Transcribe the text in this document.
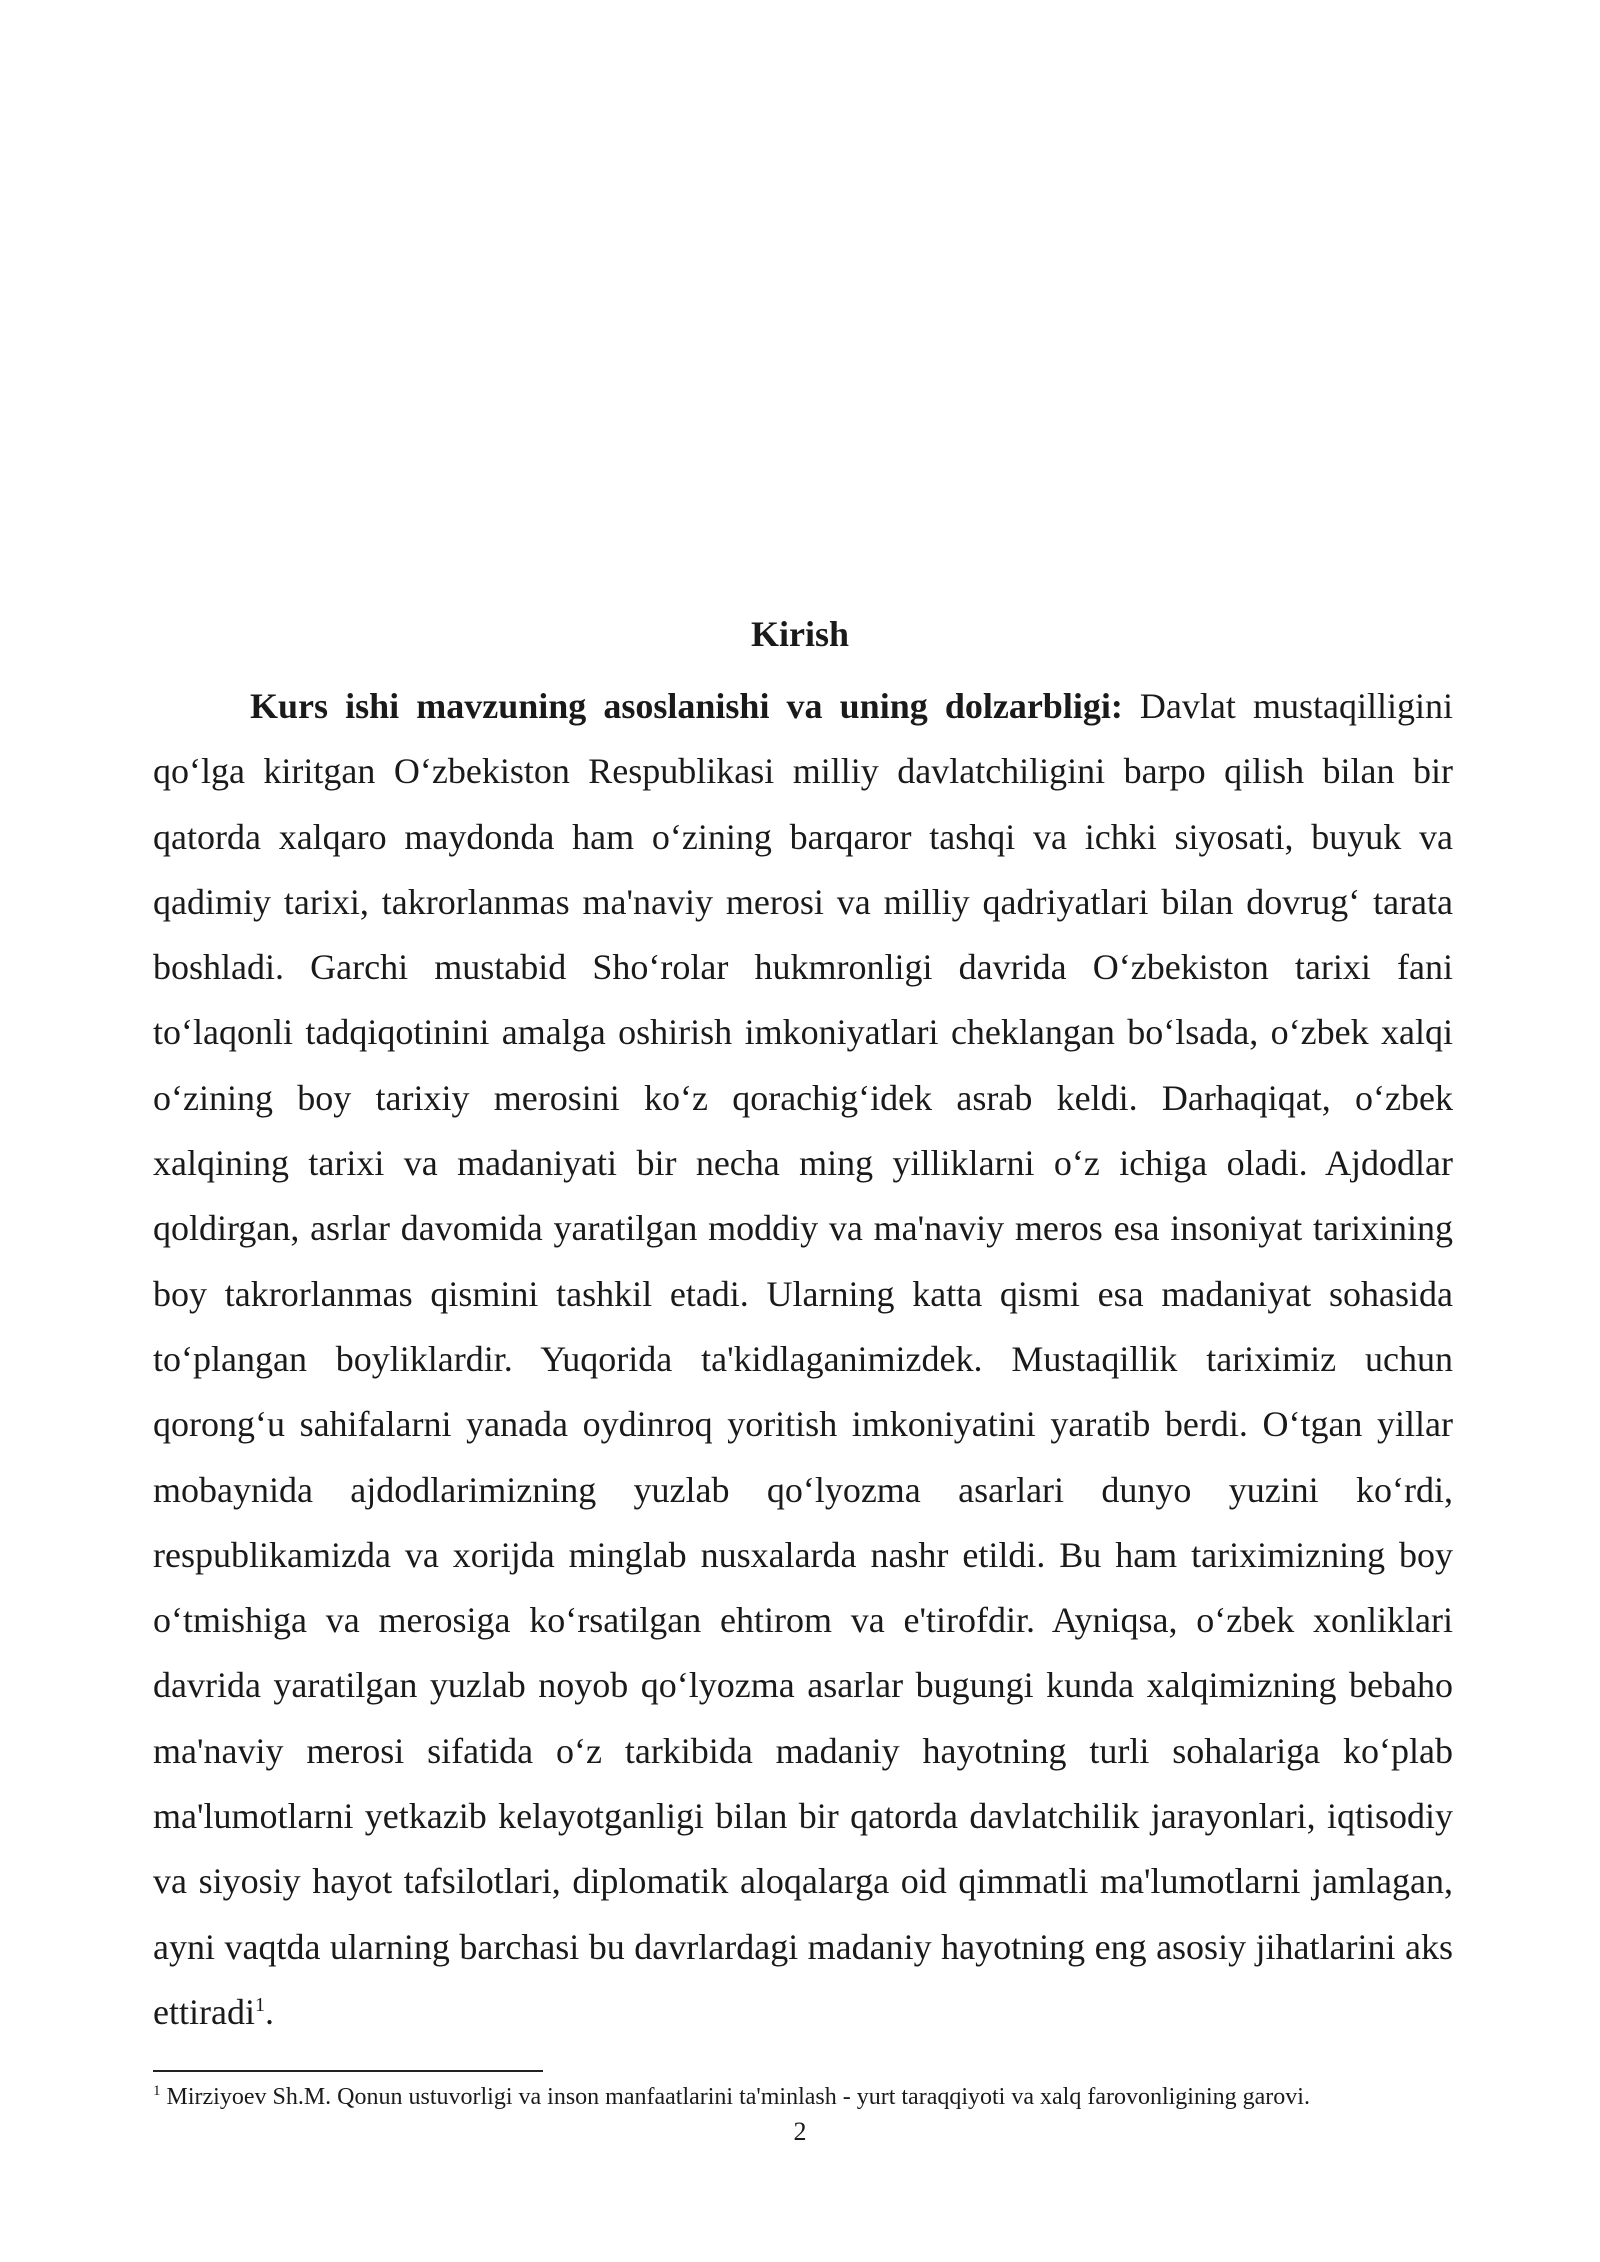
Kirish

Kurs ishi mavzuning asoslanishi va uning dolzarbligi: Davlat mustaqilligini qo‘lga kiritgan O‘zbekiston Respublikasi milliy davlatchiligini barpo qilish bilan bir qatorda xalqaro maydonda ham o‘zining barqaror tashqi va ichki siyosati, buyuk va qadimiy tarixi, takrorlanmas ma'naviy merosi va milliy qadriyatlari bilan dovrug‘ tarata boshladi. Garchi mustabid Sho‘rolar hukmronligi davrida O‘zbekiston tarixi fani to‘laqonli tadqiqotinini amalga oshirish imkoniyatlari cheklangan bo‘lsada, o‘zbek xalqi o‘zining boy tarixiy merosini ko‘z qorachig‘idek asrab keldi. Darhaqiqat, o‘zbek xalqining tarixi va madaniyati bir necha ming yilliklarni o‘z ichiga oladi. Ajdodlar qoldirgan, asrlar davomida yaratilgan moddiy va ma'naviy meros esa insoniyat tarixining boy takrorlanmas qismini tashkil etadi. Ularning katta qismi esa madaniyat sohasida to‘plangan boyliklardir. Yuqorida ta'kidlaganimizdek. Mustaqillik tariximiz uchun qorong‘u sahifalarni yanada oydinroq yoritish imkoniyatini yaratib berdi. O‘tgan yillar mobaynida ajdodlarimizning yuzlab qo‘lyozma asarlari dunyo yuzini ko‘rdi, respublikamizda va xorijda minglab nusxalarda nashr etildi. Bu ham tariximizning boy o‘tmishiga va merosiga ko‘rsatilgan ehtirom va e'tirofdir. Ayniqsa, o‘zbek xonliklari davrida yaratilgan yuzlab noyob qo‘lyozma asarlar bugungi kunda xalqimizning bebaho ma'naviy merosi sifatida o‘z tarkibida madaniy hayotning turli sohalariga ko‘plab ma'lumotlarni yetkazib kelayotganligi bilan bir qatorda davlatchilik jarayonlari, iqtisodiy va siyosiy hayot tafsilotlari, diplomatik aloqalarga oid qimmatli ma'lumotlarni jamlagan, ayni vaqtda ularning barchasi bu davrlardagi madaniy hayotning eng asosiy jihatlarini aks ettiradi$^1$.

$^1$ Mirziyoev Sh.M. Qonun ustuvorligi va inson manfaatlarini ta'minlash - yurt taraqqiyoti va xalq farovonligining garovi.

2
